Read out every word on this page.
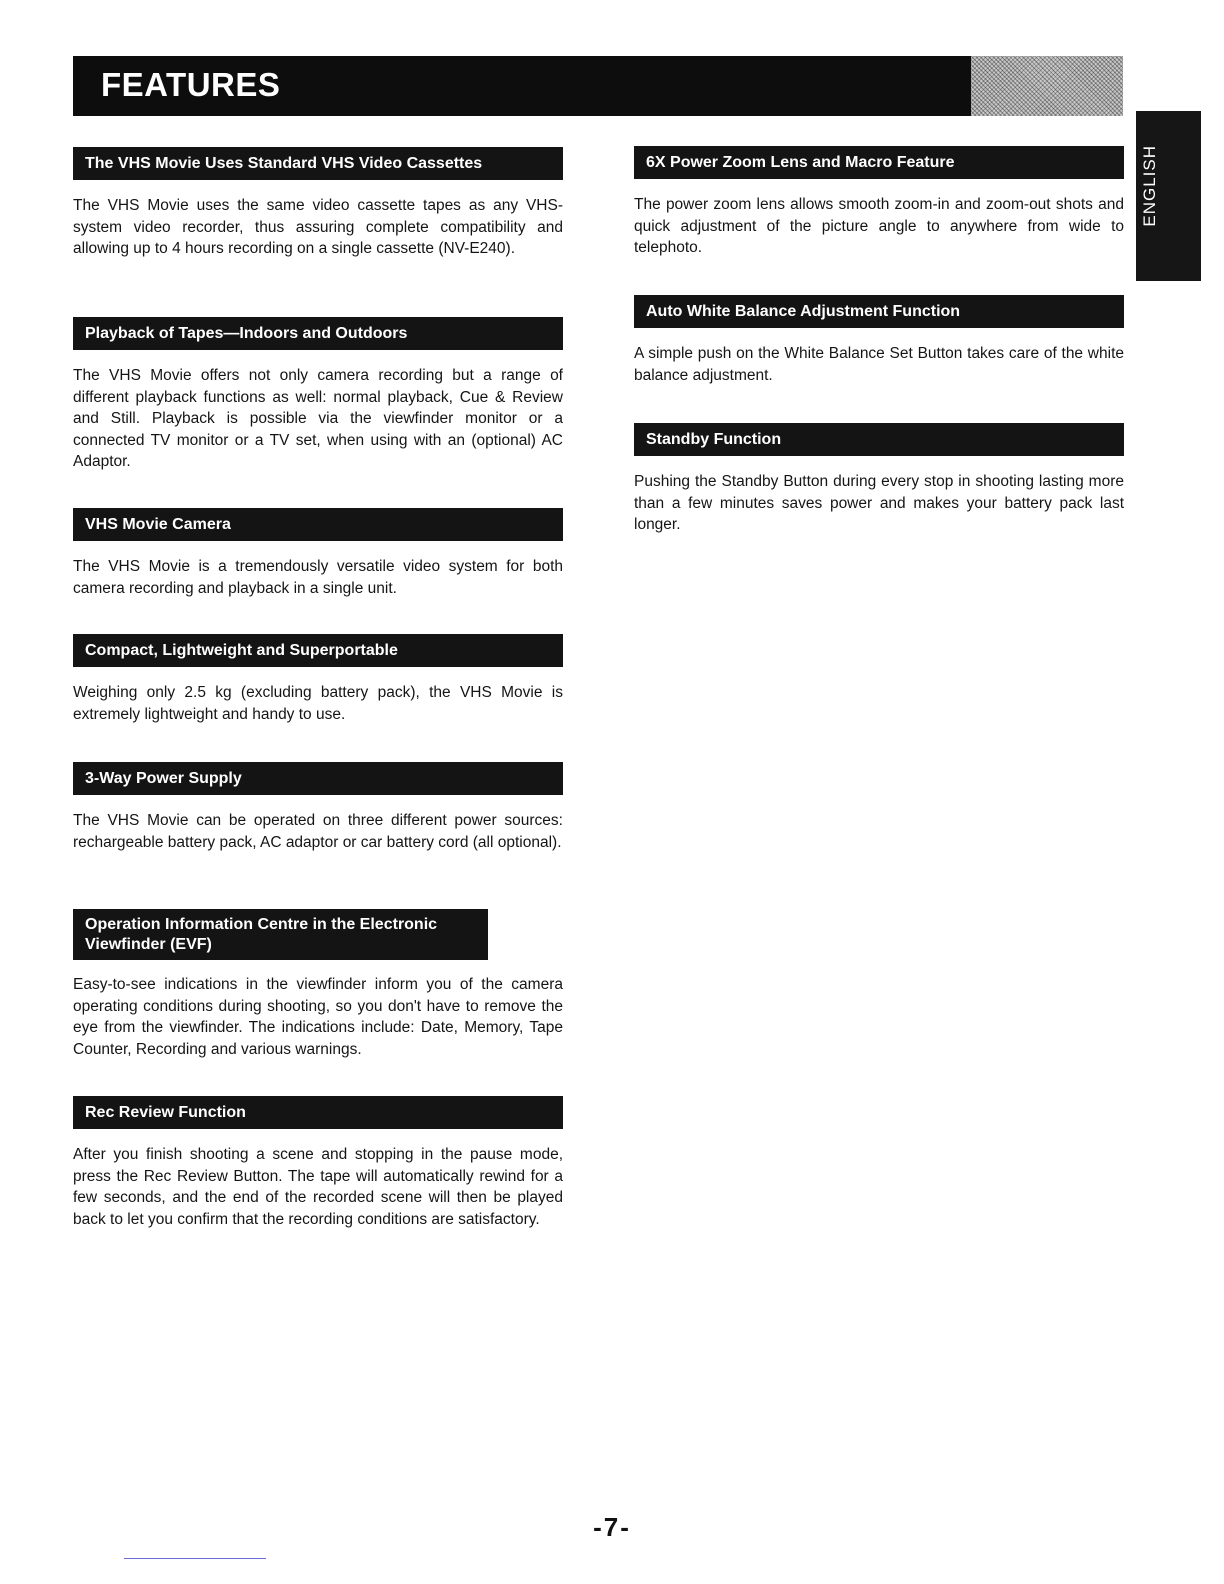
FEATURES
ENGLISH
The VHS Movie Uses Standard VHS Video Cassettes
The VHS Movie uses the same video cassette tapes as any VHS-system video recorder, thus assuring complete compatibility and allowing up to 4 hours recording on a single cassette (NV-E240).
Playback of Tapes—Indoors and Outdoors
The VHS Movie offers not only camera recording but a range of different playback functions as well: normal playback, Cue & Review and Still. Playback is possible via the viewfinder monitor or a connected TV monitor or a TV set, when using with an (optional) AC Adaptor.
VHS Movie Camera
The VHS Movie is a tremendously versatile video system for both camera recording and playback in a single unit.
Compact, Lightweight and Superportable
Weighing only 2.5 kg (excluding battery pack), the VHS Movie is extremely lightweight and handy to use.
3-Way Power Supply
The VHS Movie can be operated on three different power sources: rechargeable battery pack, AC adaptor or car battery cord (all optional).
Operation Information Centre in the Electronic Viewfinder (EVF)
Easy-to-see indications in the viewfinder inform you of the camera operating conditions during shooting, so you don't have to remove the eye from the viewfinder. The indications include: Date, Memory, Tape Counter, Recording and various warnings.
Rec Review Function
After you finish shooting a scene and stopping in the pause mode, press the Rec Review Button. The tape will automatically rewind for a few seconds, and the end of the recorded scene will then be played back to let you confirm that the recording conditions are satisfactory.
6X Power Zoom Lens and Macro Feature
The power zoom lens allows smooth zoom-in and zoom-out shots and quick adjustment of the picture angle to anywhere from wide to telephoto.
Auto White Balance Adjustment Function
A simple push on the White Balance Set Button takes care of the white balance adjustment.
Standby Function
Pushing the Standby Button during every stop in shooting lasting more than a few minutes saves power and makes your battery pack last longer.
-7-
